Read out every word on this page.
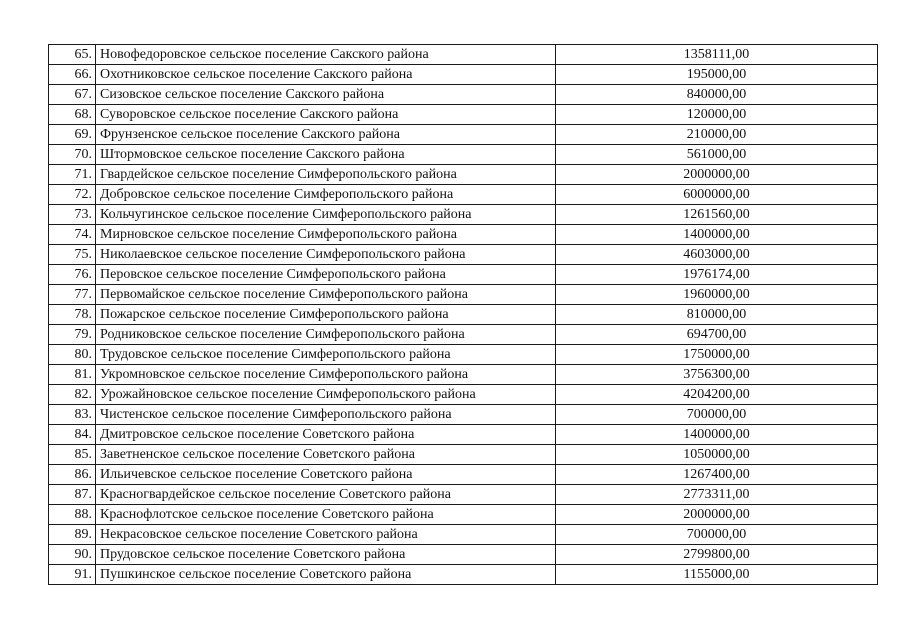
65.	Новофедоровское сельское поселение Сакского района	1358111,00
66.	Охотниковское сельское поселение Сакского района	195000,00
67.	Сизовское сельское поселение Сакского района	840000,00
68.	Суворовское сельское поселение Сакского района	120000,00
69.	Фрунзенское сельское поселение Сакского района	210000,00
70.	Штормовское сельское поселение Сакского района	561000,00
71.	Гвардейское сельское поселение Симферопольского района	2000000,00
72.	Добровское сельское поселение Симферопольского района	6000000,00
73.	Кольчугинское сельское поселение Симферопольского района	1261560,00
74.	Мирновское сельское поселение Симферопольского района	1400000,00
75.	Николаевское сельское поселение Симферопольского района	4603000,00
76.	Перовское сельское поселение Симферопольского района	1976174,00
77.	Первомайское сельское поселение Симферопольского района	1960000,00
78.	Пожарское сельское поселение Симферопольского района	810000,00
79.	Родниковское сельское поселение Симферопольского района	694700,00
80.	Трудовское сельское поселение Симферопольского района	1750000,00
81.	Укромновское сельское поселение Симферопольского района	3756300,00
82.	Урожайновское сельское поселение Симферопольского района	4204200,00
83.	Чистенское сельское поселение Симферопольского района	700000,00
84.	Дмитровское сельское поселение Советского района	1400000,00
85.	Заветненское сельское поселение Советского района	1050000,00
86.	Ильичевское сельское поселение Советского района	1267400,00
87.	Красногвардейское сельское поселение Советского района	2773311,00
88.	Краснофлотское сельское поселение Советского района	2000000,00
89.	Некрасовское сельское поселение Советского района	700000,00
90.	Прудовское сельское поселение Советского района	2799800,00
91.	Пушкинское сельское поселение Советского района	1155000,00
